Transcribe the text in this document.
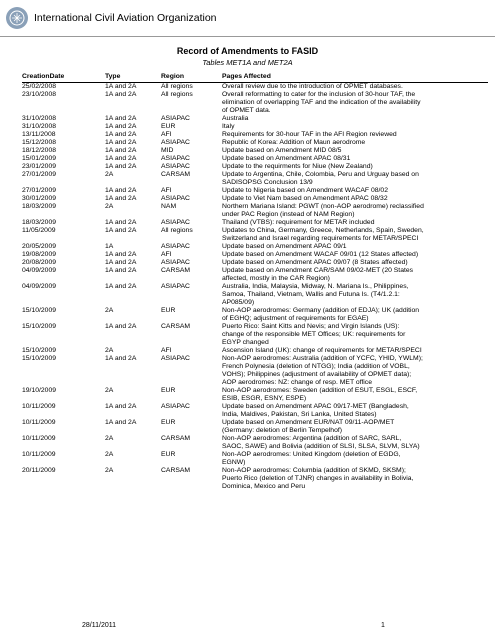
International Civil Aviation Organization
Record of Amendments to FASID
Tables MET1A and MET2A
CreationDate	Type	Region	Pages Affected
25/02/2008	1A and 2A	All regions	Overall review due to the introduction of OPMET databases.
23/10/2008	1A and 2A	All regions	Overall reformatting to cater for the inclusion of 30-hour TAF, the
elimination of overlapping TAF and the indication of the availability
of OPMET data.
31/10/2008	1A and 2A	ASIAPAC	Australia
31/10/2008	1A and 2A	EUR	Italy
13/11/2008	1A and 2A	AFI	Requirements for 30-hour TAF in the AFI Region reviewed
15/12/2008	1A and 2A	ASIAPAC	Republic of Korea: Addition of Maun aerodrome
18/12/2008	1A and 2A	MID	Update based on Amendment MID 08/5
15/01/2009	1A and 2A	ASIAPAC	Update based on Amendment APAC 08/31
23/01/2009	1A and 2A	ASIAPAC	Update to the requirments for Niue (New Zealand)
27/01/2009	2A	CARSAM	Update to Argentina, Chile, Colombia, Peru and Urguay based on
SADISOPSG Conclusion 13/9
27/01/2009	1A and 2A	AFI	Update to Nigeria based on Amendment WACAF 08/02
30/01/2009	1A and 2A	ASIAPAC	Update to Viet Nam based on Amendment APAC 08/32
18/03/2009	2A	NAM	Northern Mariana Island: PGWT (non-AOP aerodrome) reclassified
under PAC Region (instead of NAM Region)
18/03/2009	1A and 2A	ASIAPAC	Thailand (VTBS): requirement for METAR included
11/05/2009	1A and 2A	All regions	Updates to China, Germany, Greece, Netherlands, Spain, Sweden,
Switzerland and Israel regarding requirements for METAR/SPECI
20/05/2009	1A	ASIAPAC	Update based on Amendment APAC 09/1
19/08/2009	1A and 2A	AFI	Update based on Amendment WACAF 09/01 (12 States affected)
20/08/2009	1A and 2A	ASIAPAC	Update based on Amendment APAC 09/07 (8 States affected)
04/09/2009	1A and 2A	CARSAM	Update based on Amendment CAR/SAM 09/02-MET (20 States
affected, mostly in the CAR Region)
04/09/2009	1A and 2A	ASIAPAC	Australia, India, Malaysia, Midway, N. Mariana Is., Philippines,
Samoa, Thailand, Vietnam, Wallis and Futuna Is. (T4/1.2.1:
AP085/09)
15/10/2009	2A	EUR	Non-AOP aerodromes: Germany (addition of EDJA); UK (addition
of EGHQ; adjustment of requirements for EGAE)
15/10/2009	1A and 2A	CARSAM	Puerto Rico: Saint Kitts and Nevis; and Virgin Islands (US):
change of the responsible MET Offices; UK: requirements for
EGYP changed
15/10/2009	2A	AFI	Ascension Island (UK): change of requirements for METAR/SPECI
15/10/2009	1A and 2A	ASIAPAC	Non-AOP aerodromes: Australia (addition of YCFC, YHID, YWLM);
French Polynesia (deletion of NTGG); India (addition of VOBL,
VOHS); Philippines (adjustment of availability of OPMET data);
AOP aerodromes: NZ: change of resp. MET office
19/10/2009	2A	EUR	Non-AOP aerodromes: Sweden (addition of ESUT, ESGL, ESCF,
ESIB, ESGR, ESNY, ESPE)
10/11/2009	1A and 2A	ASIAPAC	Update based on Amendment APAC 09/17-MET (Bangladesh,
India, Maldives, Pakistan, Sri Lanka, United States)
10/11/2009	1A and 2A	EUR	Update based on Amendment EUR/NAT 09/11-AOP/MET
(Germany: deletion of Berlin Tempelhof)
10/11/2009	2A	CARSAM	Non-AOP aerodromes: Argentina (addition of SARC, SARL,
SAOC, SAWE) and Bolivia (addition of SLSI, SLSA, SLVM, SLYA)
10/11/2009	2A	EUR	Non-AOP aerodromes: United Kingdom (deletion of EGDG,
EGNW)
20/11/2009	2A	CARSAM	Non-AOP aerodromes: Columbia (addition of SKMD, SKSM);
Puerto Rico (deletion of TJNR) changes in availability in Bolivia,
Dominica, Mexico and Peru
28/11/2011	1
